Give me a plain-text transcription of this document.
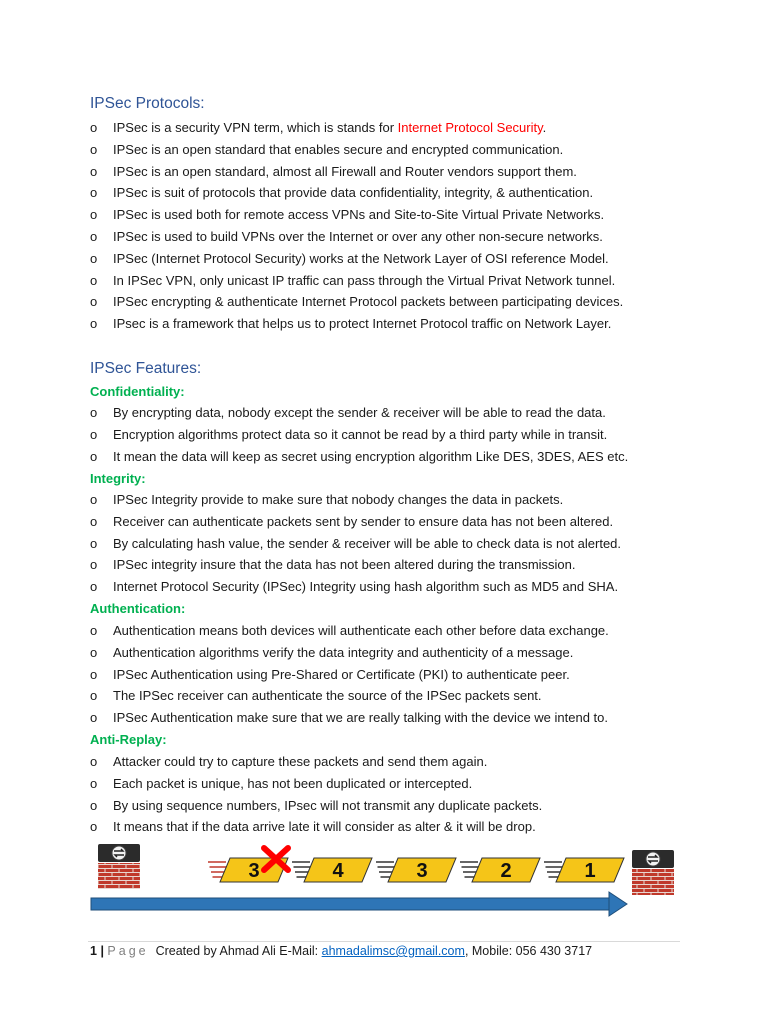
IPSec Protocols:
o IPSec is a security VPN term, which is stands for Internet Protocol Security.
o IPSec is an open standard that enables secure and encrypted communication.
o IPSec is an open standard, almost all Firewall and Router vendors support them.
o IPSec is suit of protocols that provide data confidentiality, integrity, & authentication.
o IPSec is used both for remote access VPNs and Site-to-Site Virtual Private Networks.
o IPSec is used to build VPNs over the Internet or over any other non-secure networks.
o IPSec (Internet Protocol Security) works at the Network Layer of OSI reference Model.
o In IPSec VPN, only unicast IP traffic can pass through the Virtual Privat Network tunnel.
o IPSec encrypting & authenticate Internet Protocol packets between participating devices.
o IPsec is a framework that helps us to protect Internet Protocol traffic on Network Layer.
IPSec Features:
Confidentiality:
o By encrypting data, nobody except the sender & receiver will be able to read the data.
o Encryption algorithms protect data so it cannot be read by a third party while in transit.
o It mean the data will keep as secret using encryption algorithm Like DES, 3DES, AES etc.
Integrity:
o IPSec Integrity provide to make sure that nobody changes the data in packets.
o Receiver can authenticate packets sent by sender to ensure data has not been altered.
o By calculating hash value, the sender & receiver will be able to check data is not alerted.
o IPSec integrity insure that the data has not been altered during the transmission.
o Internet Protocol Security (IPSec) Integrity using hash algorithm such as MD5 and SHA.
Authentication:
o Authentication means both devices will authenticate each other before data exchange.
o Authentication algorithms verify the data integrity and authenticity of a message.
o IPSec Authentication using Pre-Shared or Certificate (PKI) to authenticate peer.
o The IPSec receiver can authenticate the source of the IPSec packets sent.
o IPSec Authentication make sure that we are really talking with the device we intend to.
Anti-Replay:
o Attacker could try to capture these packets and send them again.
o Each packet is unique, has not been duplicated or intercepted.
o By using sequence numbers, IPsec will not transmit any duplicate packets.
o It means that if the data arrive late it will consider as alter & it will be drop.
3	4	3	2	1
1 | Page Created by Ahmad Ali E-Mail: ahmadalimsc@gmail.com, Mobile: 056 430 3717
